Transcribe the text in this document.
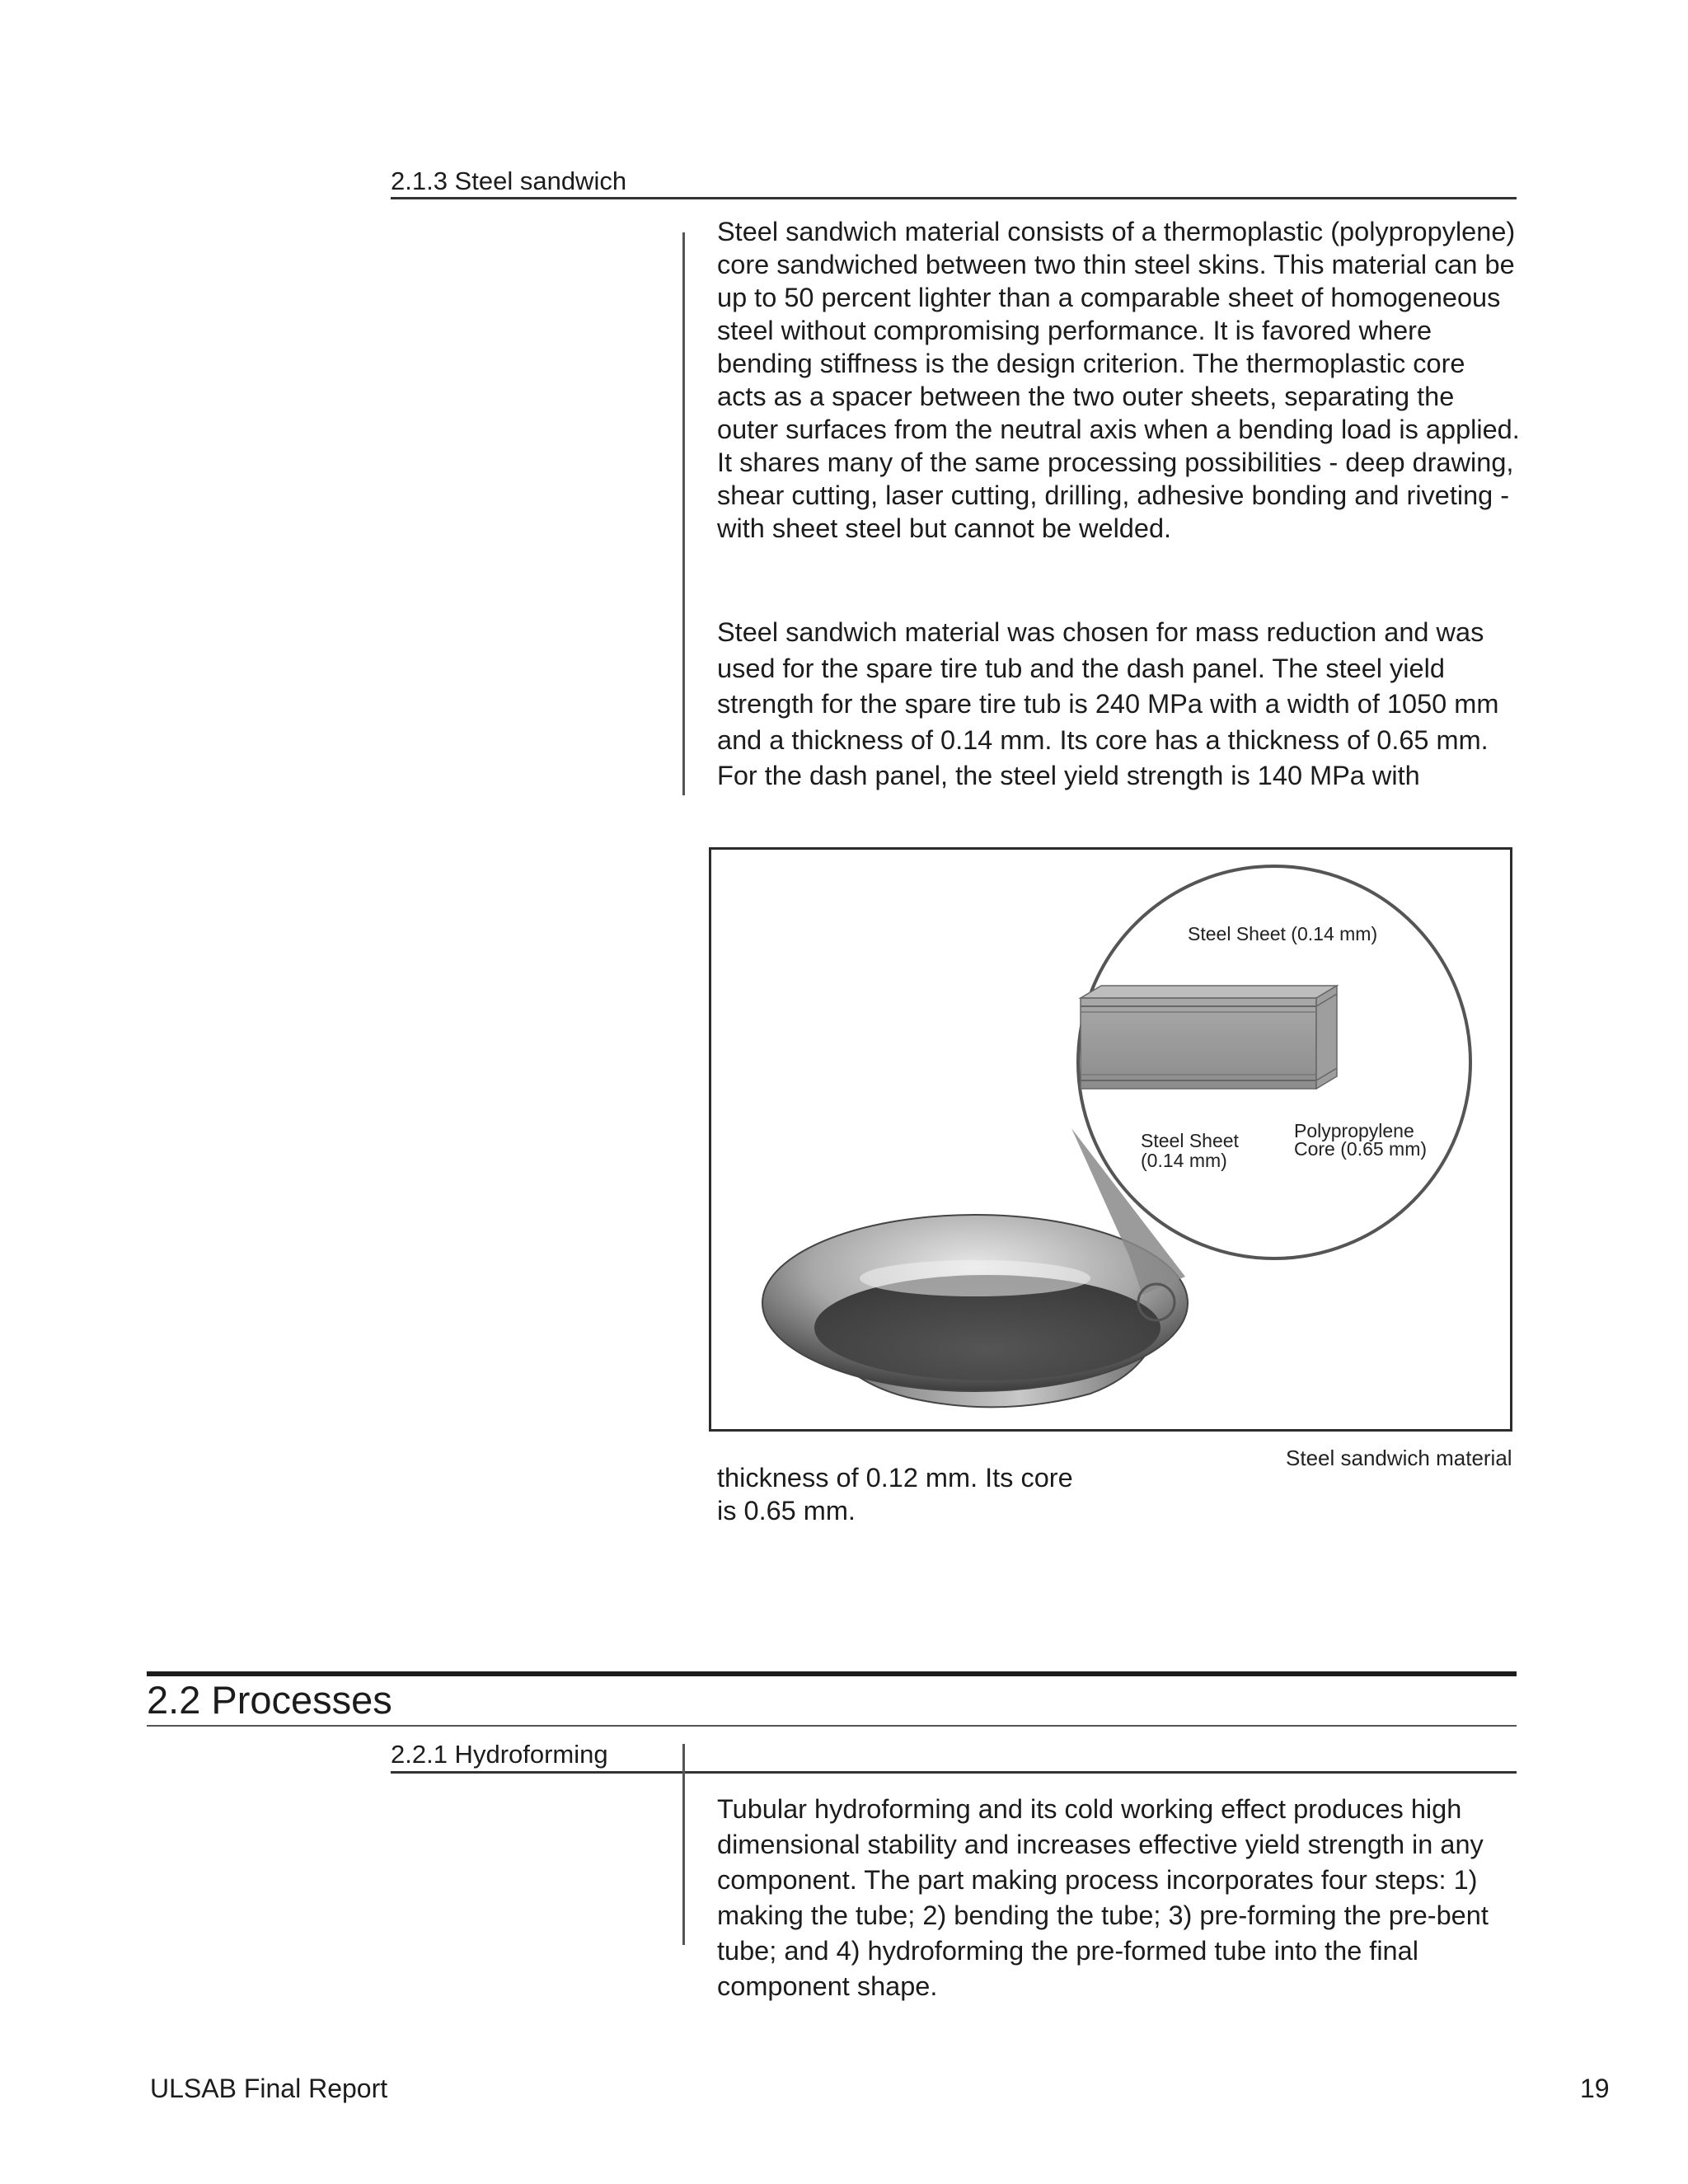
2.1.3 Steel sandwich

Steel sandwich material consists of a thermoplastic (polypropylene) core sandwiched between two thin steel skins. This material can be up to 50 percent lighter than a comparable sheet of homogeneous steel without compromising performance. It is favored where bending stiffness is the design criterion. The thermoplastic core acts as a spacer between the two outer sheets, separating the outer surfaces from the neutral axis when a bending load is applied. It shares many of the same processing possibilities - deep drawing, shear cutting, laser cutting, drilling, adhesive bonding and riveting - with sheet steel but cannot be welded.

Steel sandwich material was chosen for mass reduction and was used for the spare tire tub and the dash panel. The steel yield strength for the spare tire tub is 240 MPa with a width of 1050 mm and a thickness of 0.14 mm. Its core has a thickness of 0.65 mm. For the dash panel, the steel yield strength is 140 MPa with

Steel Sheet (0.14 mm)
Steel Sheet
(0.14 mm)
Polypropylene
Core (0.65 mm)
Steel sandwich material

thickness of 0.12 mm. Its core is 0.65 mm.

2.2 Processes
2.2.1 Hydroforming

Tubular hydroforming and its cold working effect produces high dimensional stability and increases effective yield strength in any component. The part making process incorporates four steps: 1) making the tube; 2) bending the tube; 3) pre-forming the pre-bent tube; and 4) hydroforming the pre-formed tube into the final component shape.

ULSAB Final Report	19
